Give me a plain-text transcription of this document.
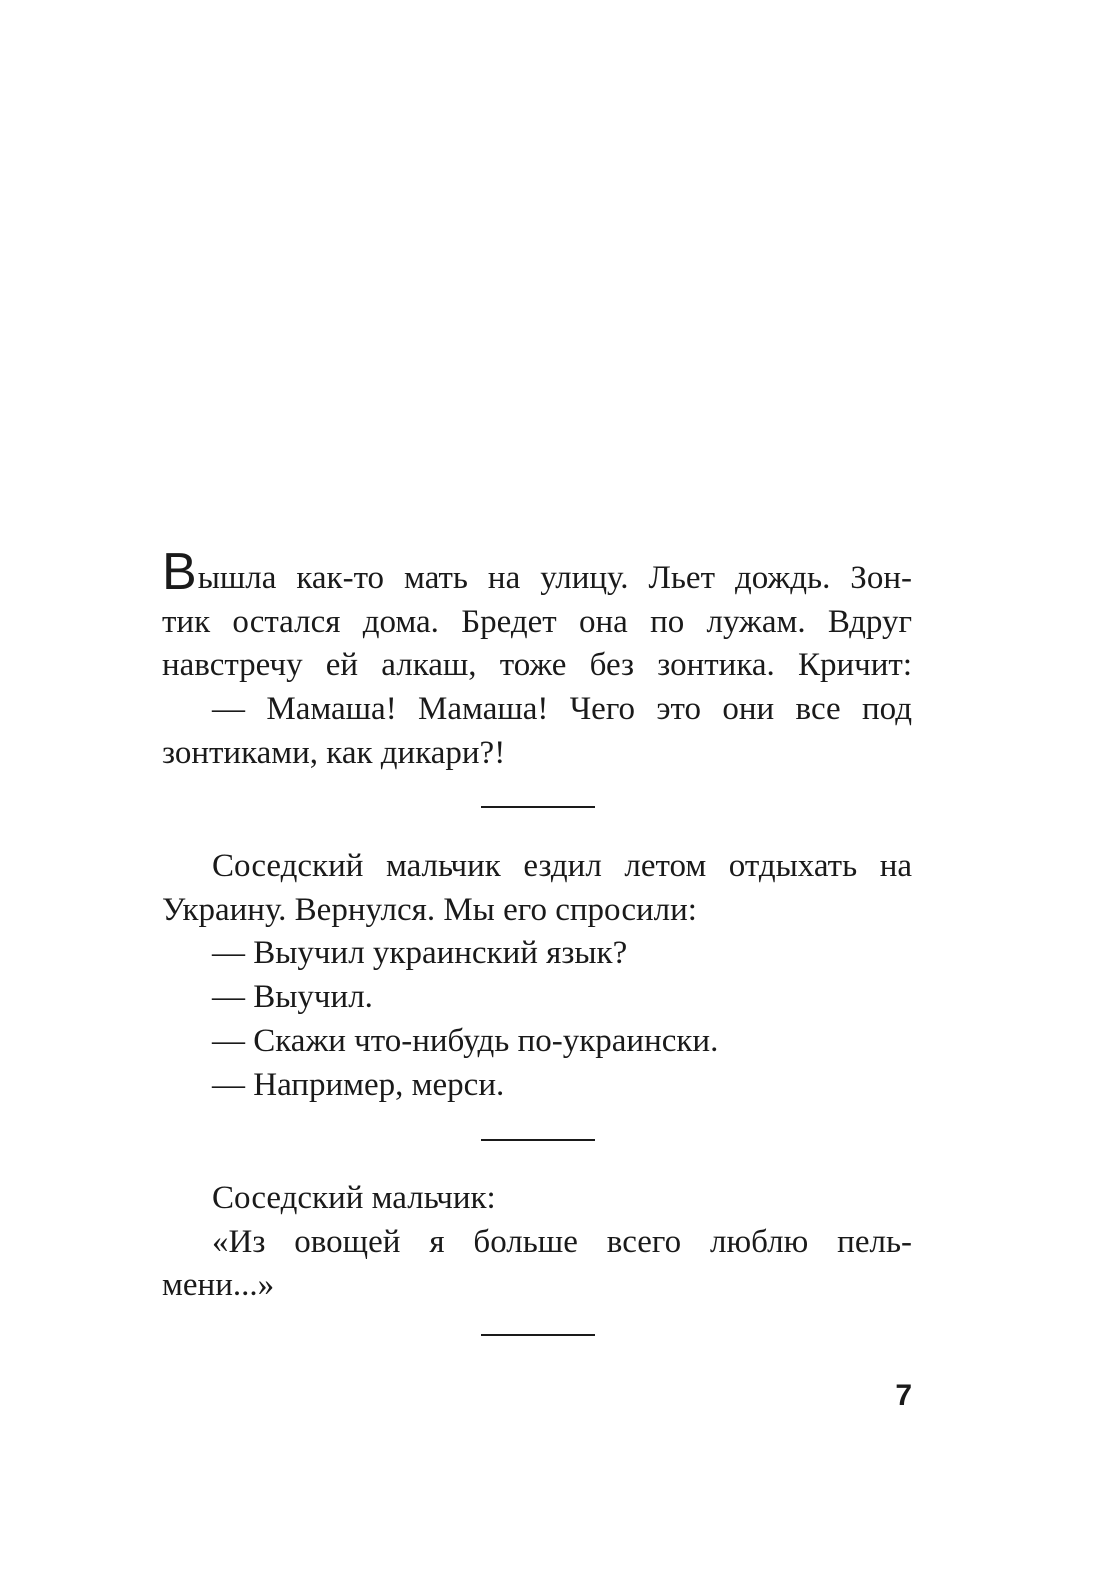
Вышла как-то мать на улицу. Льет дождь. Зон-

тик остался дома. Бредет она по лужам. Вдруг

навстречу ей алкаш, тоже без зонтика. Кричит:

— Мамаша! Мамаша! Чего это они все под

зонтиками, как дикари?!

Соседский мальчик ездил летом отдыхать на

Украину. Вернулся. Мы его спросили:

— Выучил украинский язык?

— Выучил.

— Скажи что-нибудь по-украински.

— Например, мерси.

Соседский мальчик:

«Из овощей я больше всего люблю пель-

мени...»

7
